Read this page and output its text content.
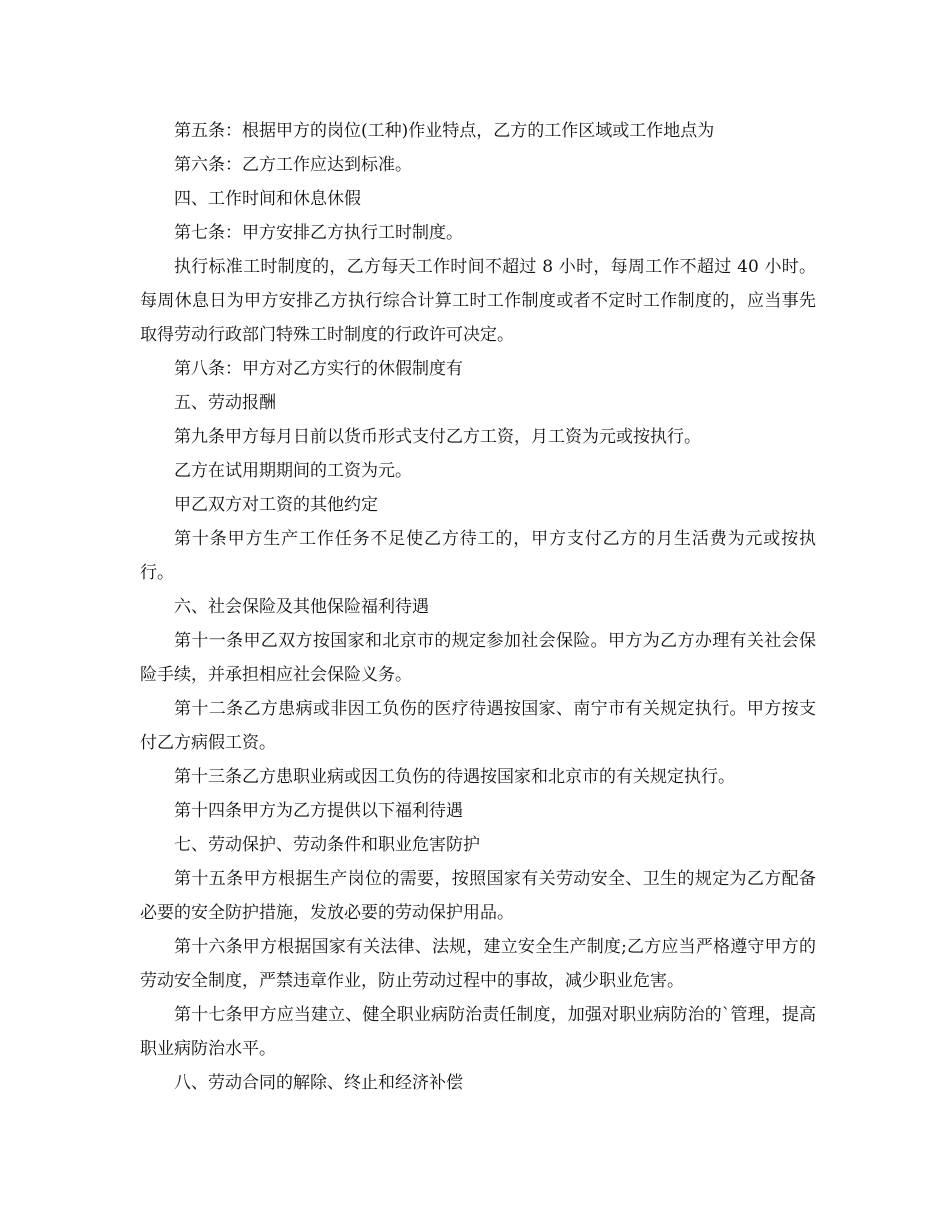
第五条：根据甲方的岗位(工种)作业特点，乙方的工作区域或工作地点为

第六条：乙方工作应达到标准。

四、工作时间和休息休假

第七条：甲方安排乙方执行工时制度。

执行标准工时制度的，乙方每天工作时间不超过 8 小时，每周工作不超过 40 小时。每周休息日为甲方安排乙方执行综合计算工时工作制度或者不定时工作制度的，应当事先取得劳动行政部门特殊工时制度的行政许可决定。

第八条：甲方对乙方实行的休假制度有

五、劳动报酬

第九条甲方每月日前以货币形式支付乙方工资，月工资为元或按执行。

乙方在试用期期间的工资为元。

甲乙双方对工资的其他约定

第十条甲方生产工作任务不足使乙方待工的，甲方支付乙方的月生活费为元或按执行。

六、社会保险及其他保险福利待遇

第十一条甲乙双方按国家和北京市的规定参加社会保险。甲方为乙方办理有关社会保险手续，并承担相应社会保险义务。

第十二条乙方患病或非因工负伤的医疗待遇按国家、南宁市有关规定执行。甲方按支付乙方病假工资。

第十三条乙方患职业病或因工负伤的待遇按国家和北京市的有关规定执行。

第十四条甲方为乙方提供以下福利待遇

七、劳动保护、劳动条件和职业危害防护

第十五条甲方根据生产岗位的需要，按照国家有关劳动安全、卫生的规定为乙方配备必要的安全防护措施，发放必要的劳动保护用品。

第十六条甲方根据国家有关法律、法规，建立安全生产制度;乙方应当严格遵守甲方的劳动安全制度，严禁违章作业，防止劳动过程中的事故，减少职业危害。

第十七条甲方应当建立、健全职业病防治责任制度，加强对职业病防治的`管理，提高职业病防治水平。

八、劳动合同的解除、终止和经济补偿
